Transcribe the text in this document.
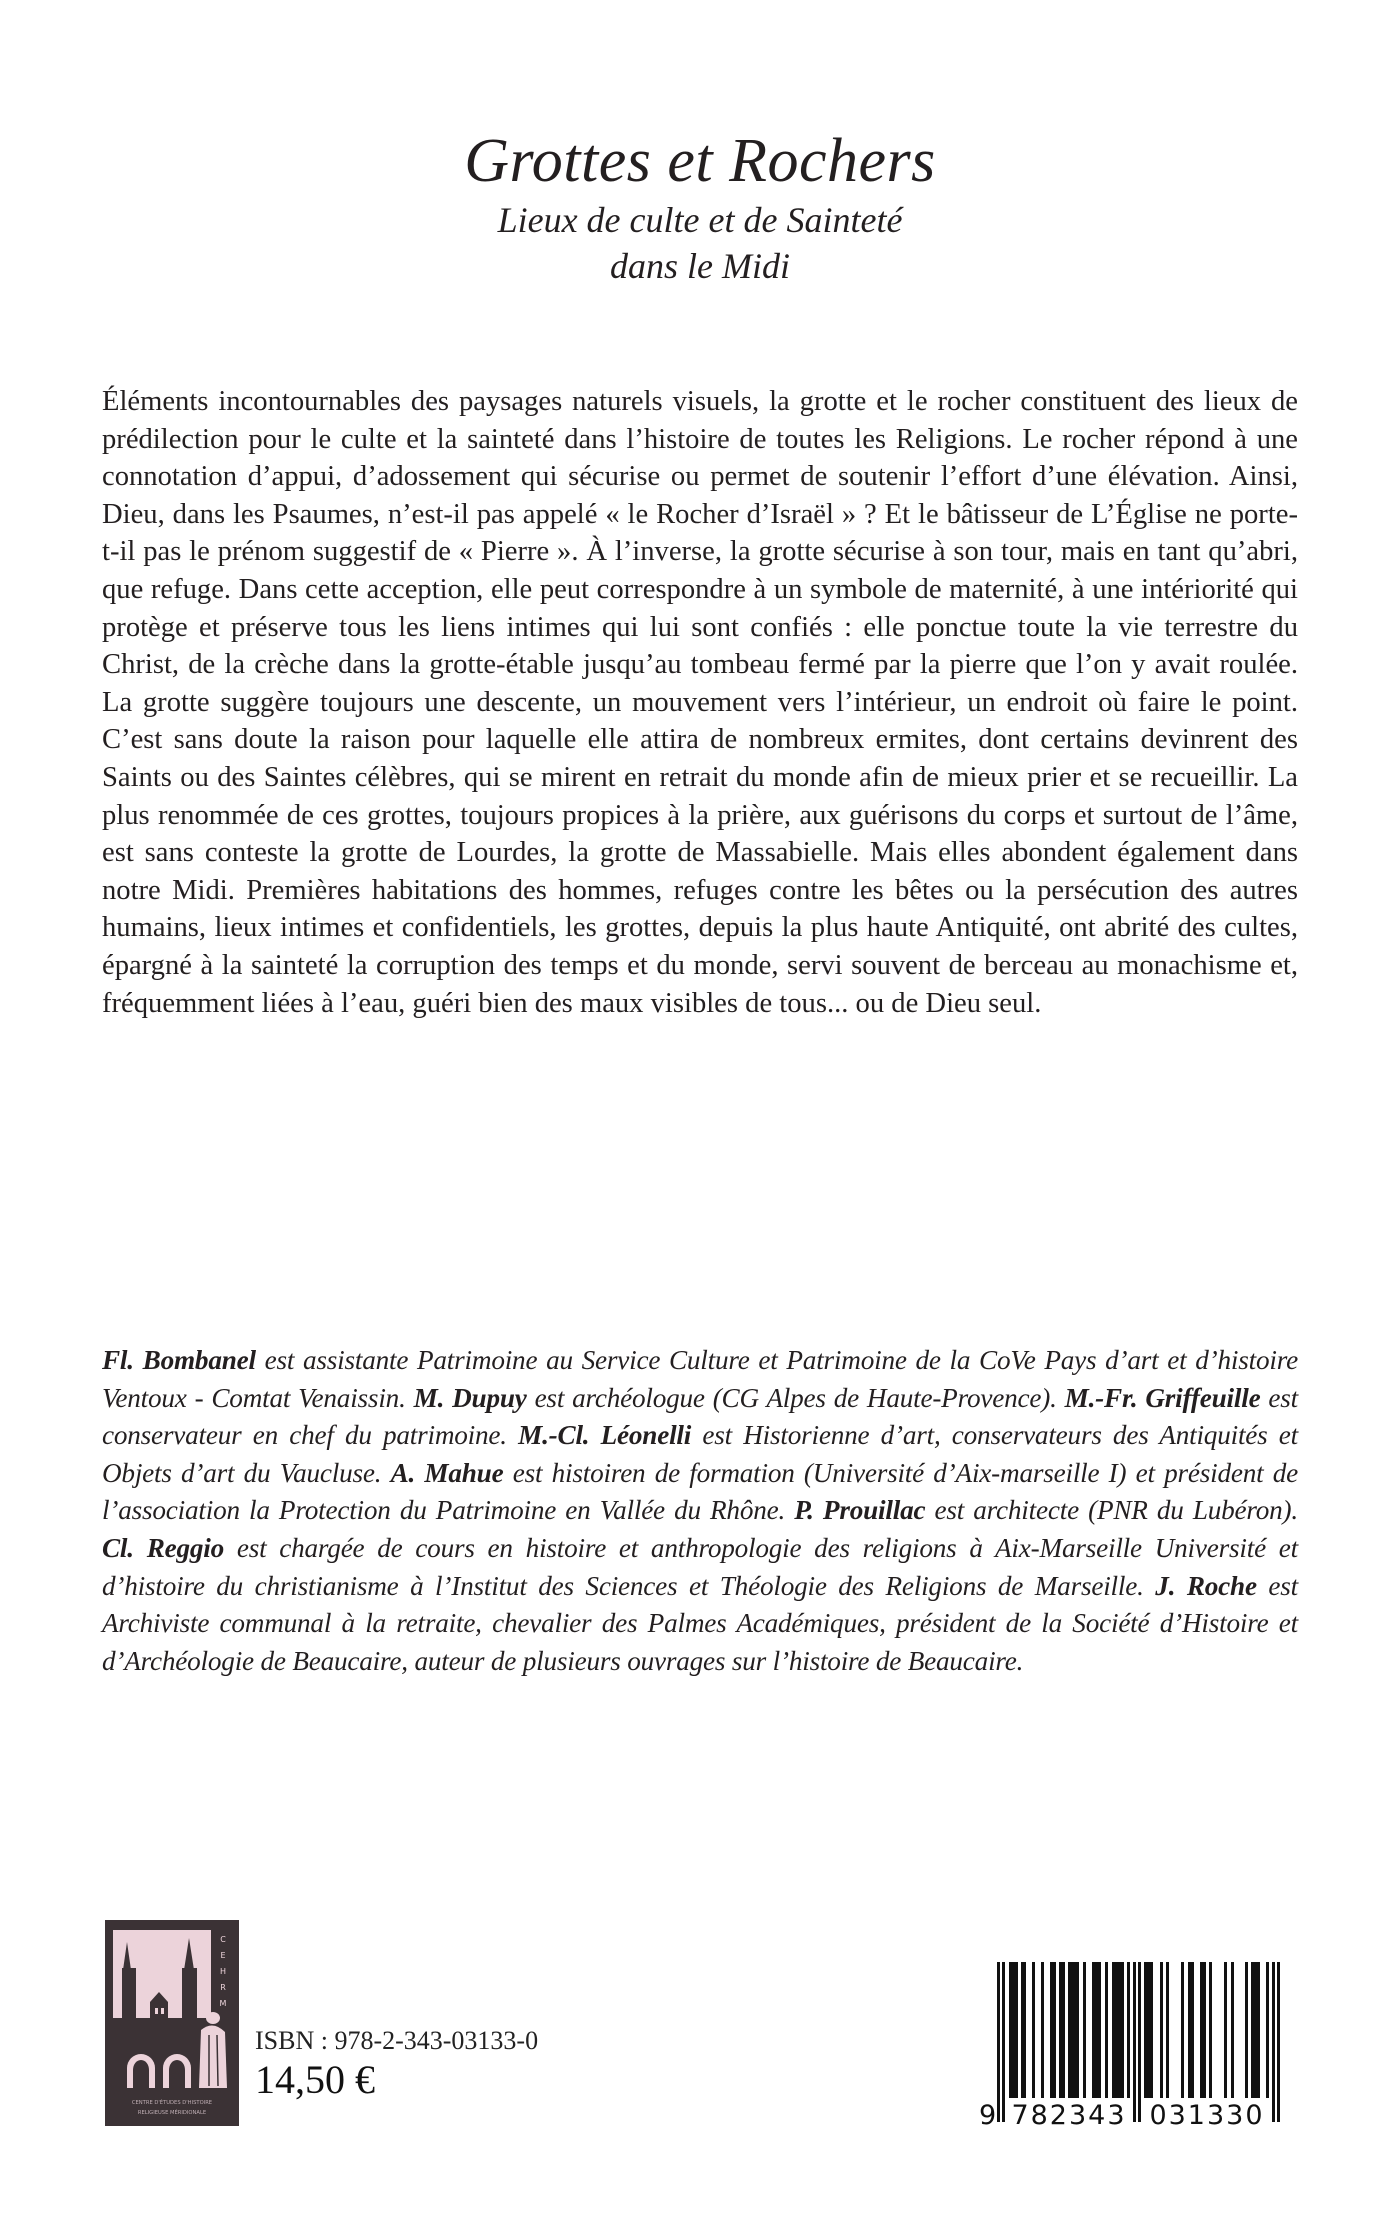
Grottes et Rochers
Lieux de culte et de Sainteté
dans le Midi

Éléments incontournables des paysages naturels visuels, la grotte et le rocher constituent des lieux de prédilection pour le culte et la sainteté dans l’histoire de toutes les Religions. Le rocher répond à une connotation d’appui, d’adossement qui sécurise ou permet de soutenir l’effort d’une élévation. Ainsi, Dieu, dans les Psaumes, n’est-il pas appelé « le Rocher d’Israël » ? Et le bâtisseur de L’Église ne porte-t-il pas le prénom suggestif de « Pierre ». À l’inverse, la grotte sécurise à son tour, mais en tant qu’abri, que refuge. Dans cette acception, elle peut correspondre à un symbole de maternité, à une intériorité qui protège et préserve tous les liens intimes qui lui sont confiés : elle ponctue toute la vie terrestre du Christ, de la crèche dans la grotte-étable jusqu’au tombeau fermé par la pierre que l’on y avait roulée. La grotte suggère toujours une descente, un mouvement vers l’intérieur, un endroit où faire le point. C’est sans doute la raison pour laquelle elle attira de nombreux ermites, dont certains devinrent des Saints ou des Saintes célèbres, qui se mirent en retrait du monde afin de mieux prier et se recueillir. La plus renommée de ces grottes, toujours propices à la prière, aux guérisons du corps et surtout de l’âme, est sans conteste la grotte de Lourdes, la grotte de Massabielle. Mais elles abondent également dans notre Midi. Premières habitations des hommes, refuges contre les bêtes ou la persécution des autres humains, lieux intimes et confidentiels, les grottes, depuis la plus haute Antiquité, ont abrité des cultes, épargné à la sainteté la corruption des temps et du monde, servi souvent de berceau au monachisme et, fréquemment liées à l’eau, guéri bien des maux visibles de tous... ou de Dieu seul.

Fl. Bombanel est assistante Patrimoine au Service Culture et Patrimoine de la CoVe Pays d’art et d’histoire Ventoux - Comtat Venaissin. M. Dupuy est archéologue (CG Alpes de Haute-Provence). M.-Fr. Griffeuille est conservateur en chef du patrimoine. M.-Cl. Léonelli est Historienne d’art, conservateurs des Antiquités et Objets d’art du Vaucluse. A. Mahue est histoiren de formation (Université d’Aix-marseille I) et président de l’association la Protection du Patrimoine en Vallée du Rhône. P. Prouillac est architecte (PNR du Lubéron). Cl. Reggio est chargée de cours en histoire et anthropologie des religions à Aix-Marseille Université et d’histoire du christianisme à l’Institut des Sciences et Théologie des Religions de Marseille. J. Roche est Archiviste communal à la retraite, chevalier des Palmes Académiques, président de la Société d’Histoire et d’Archéologie de Beaucaire, auteur de plusieurs ouvrages sur l’histoire de Beaucaire.

C
E
H
R
M
CENTRE D'ÉTUDES D'HISTOIRE
RELIGIEUSE MÉRIDIONALE
ISBN : 978-2-343-03133-0
14,50 €
9 782343 031330
